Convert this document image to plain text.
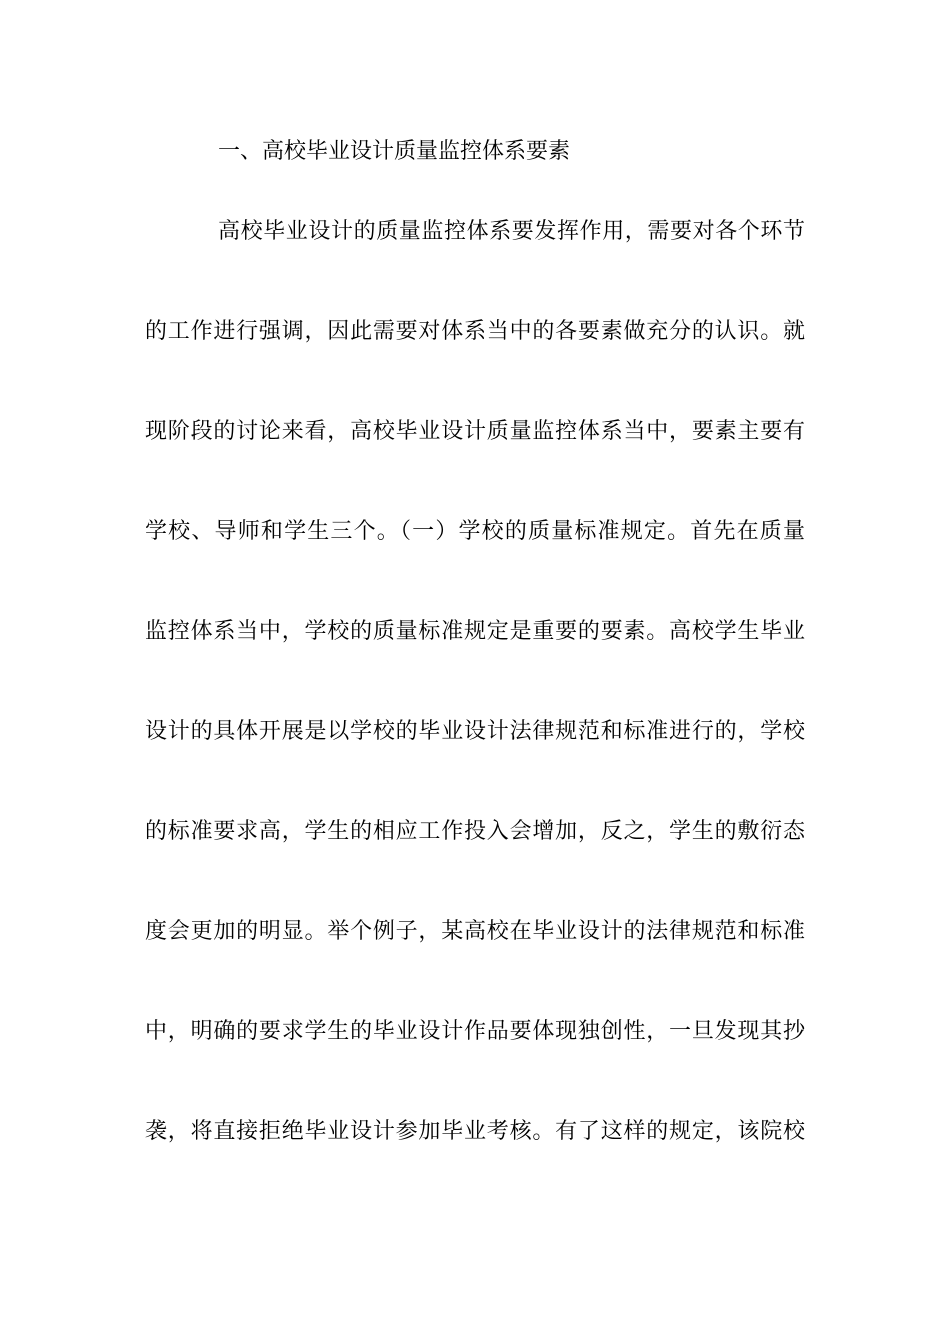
一、高校毕业设计质量监控体系要素
高校毕业设计的质量监控体系要发挥作用，需要对各个环节
的工作进行强调，因此需要对体系当中的各要素做充分的认识。就
现阶段的讨论来看，高校毕业设计质量监控体系当中，要素主要有
学校、导师和学生三个。（一）学校的质量标准规定。首先在质量
监控体系当中，学校的质量标准规定是重要的要素。高校学生毕业
设计的具体开展是以学校的毕业设计法律规范和标准进行的，学校
的标准要求高，学生的相应工作投入会增加，反之，学生的敷衍态
度会更加的明显。举个例子，某高校在毕业设计的法律规范和标准
中，明确的要求学生的毕业设计作品要体现独创性，一旦发现其抄
袭，将直接拒绝毕业设计参加毕业考核。有了这样的规定，该院校
